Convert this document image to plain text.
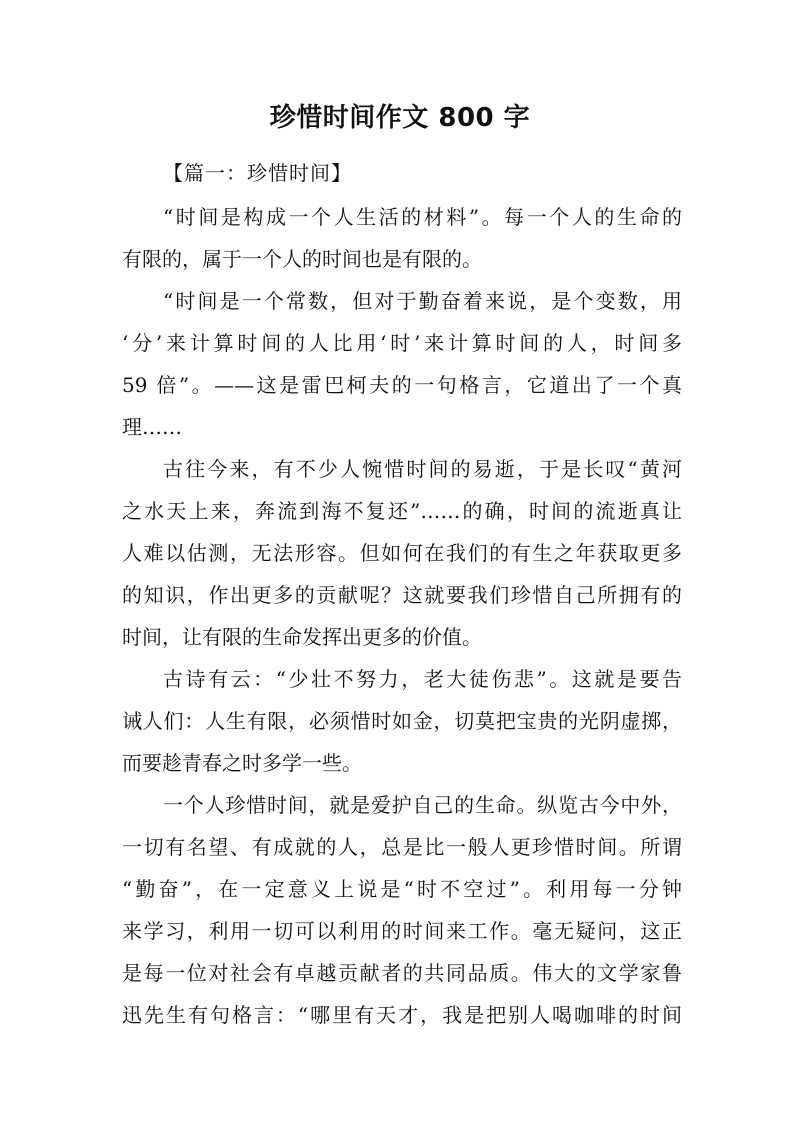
珍惜时间作文 800 字
【篇一：珍惜时间】
“时间是构成一个人生活的材料”。每一个人的生命的
有限的，属于一个人的时间也是有限的。
“时间是一个常数，但对于勤奋着来说，是个变数，用
‘分’来计算时间的人比用‘时’来计算时间的人，时间多
59 倍”。——这是雷巴柯夫的一句格言，它道出了一个真
理……
古往今来，有不少人惋惜时间的易逝，于是长叹“黄河
之水天上来，奔流到海不复还”……的确，时间的流逝真让
人难以估测，无法形容。但如何在我们的有生之年获取更多
的知识，作出更多的贡献呢？这就要我们珍惜自己所拥有的
时间，让有限的生命发挥出更多的价值。
古诗有云：“少壮不努力，老大徒伤悲”。这就是要告
诫人们：人生有限，必须惜时如金，切莫把宝贵的光阴虚掷，
而要趁青春之时多学一些。
一个人珍惜时间，就是爱护自己的生命。纵览古今中外，
一切有名望、有成就的人，总是比一般人更珍惜时间。所谓
“勤奋”，在一定意义上说是“时不空过”。利用每一分钟
来学习，利用一切可以利用的时间来工作。毫无疑问，这正
是每一位对社会有卓越贡献者的共同品质。伟大的文学家鲁
迅先生有句格言：“哪里有天才，我是把别人喝咖啡的时间
